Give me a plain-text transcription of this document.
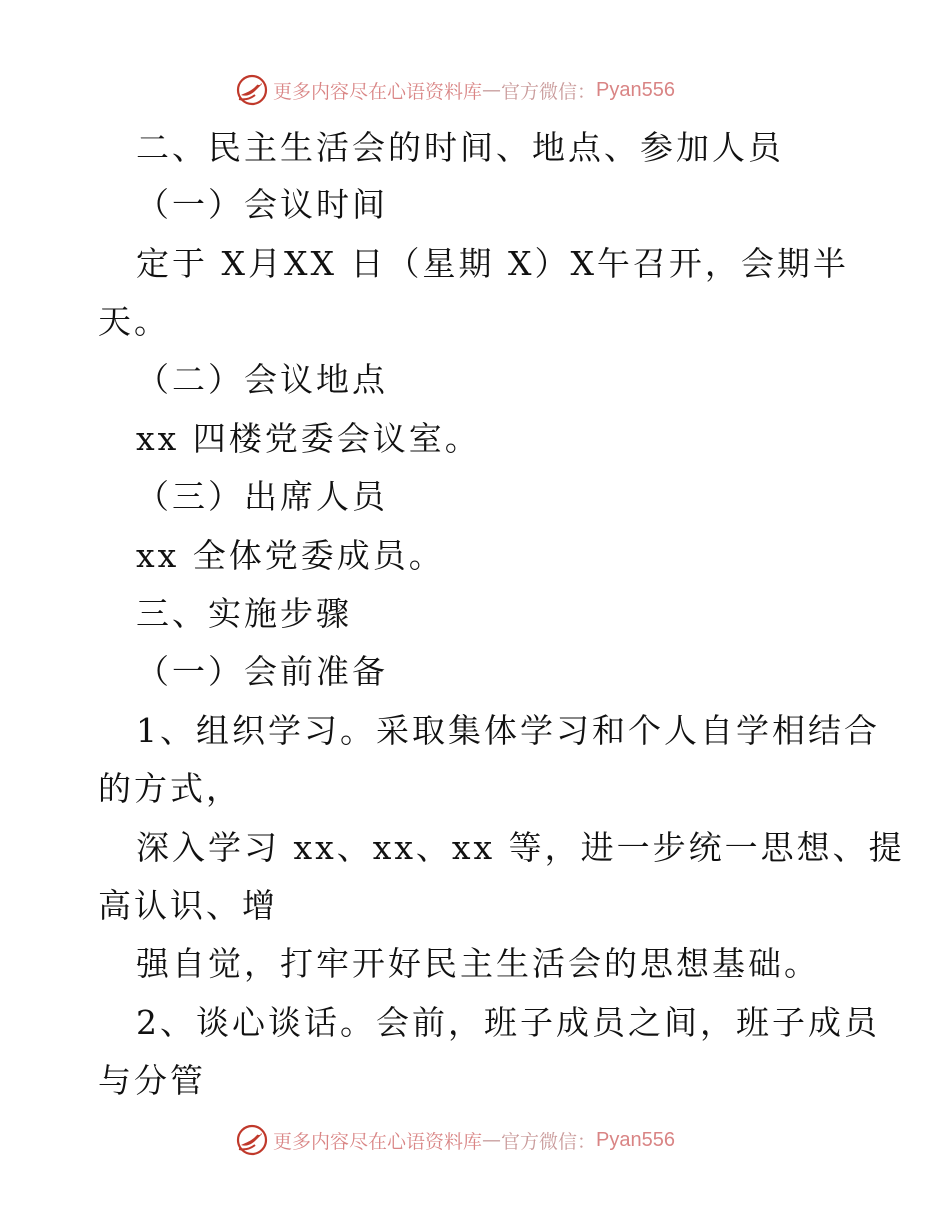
更多内容尽在心语资料库 — 官方微信： Pyan556
二、民主生活会的时间、地点、参加人员
（一）会议时间
定于 X月XX 日（星期 X）X午召开，会期半
天。
（二）会议地点
xx 四楼党委会议室。
（三）出席人员
xx 全体党委成员。
三、实施步骤
（一）会前准备
1、组织学习。采取集体学习和个人自学相结合
的方式，
深入学习 xx、xx、xx 等，进一步统一思想、提
高认识、增
强自觉，打牢开好民主生活会的思想基础。
2、谈心谈话。会前，班子成员之间，班子成员
与分管
更多内容尽在心语资料库 — 官方微信： Pyan556
